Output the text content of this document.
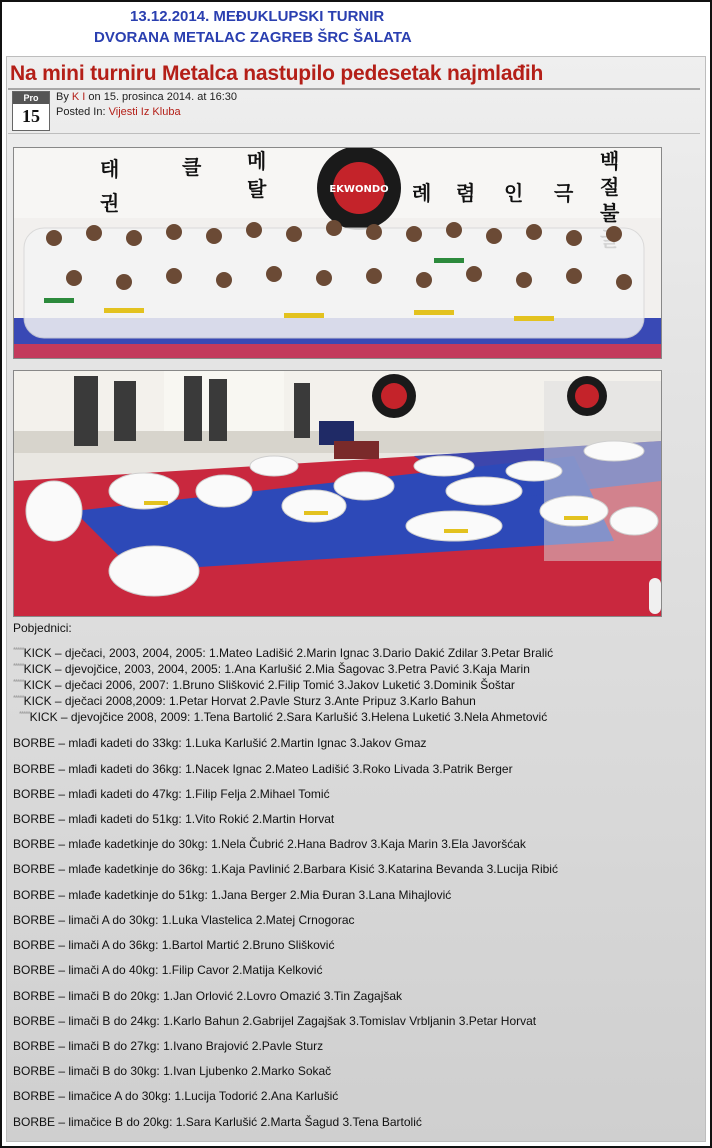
13.12.2014. MEĐUKLUPSKI TURNIR
DVORANA METALAC ZAGREB ŠRC ŠALATA
Na mini turniru Metalca nastupilo pedesetak najmlađih
Pro
15
By K I on 15. prosinca 2014. at 16:30
Posted In: Vijesti Iz Kluba
태
권
클 메
탈	례 렴 인 극
백
절
불
EKWONDO
Pobjednici:
*****KICK – dječaci, 2003, 2004, 2005: 1.Mateo Ladišić 2.Marin Ignac 3.Dario Dakić Zdilar 3.Petar Bralić
*****KICK – djevojčice, 2003, 2004, 2005: 1.Ana Karlušić 2.Mia Šagovac 3.Petra Pavić 3.Kaja Marin
*****KICK – dječaci 2006, 2007: 1.Bruno Slišković 2.Filip Tomić 3.Jakov Luketić 3.Dominik Šoštar
*****KICK – dječaci 2008,2009: 1.Petar Horvat 2.Pavle Sturz 3.Ante Pripuz 3.Karlo Bahun
*****KICK – djevojčice 2008, 2009: 1.Tena Bartolić 2.Sara Karlušić 3.Helena Luketić 3.Nela Ahmetović
BORBE – mlađi kadeti do 33kg: 1.Luka Karlušić 2.Martin Ignac 3.Jakov Gmaz
BORBE – mlađi kadeti do 36kg: 1.Nacek Ignac 2.Mateo Ladišić 3.Roko Livada 3.Patrik Berger
BORBE – mlađi kadeti do 47kg: 1.Filip Felja 2.Mihael Tomić
BORBE – mlađi kadeti do 51kg: 1.Vito Rokić 2.Martin Horvat
BORBE – mlađe kadetkinje do 30kg: 1.Nela Čubrić 2.Hana Badrov 3.Kaja Marin 3.Ela Javoršćak
BORBE – mlađe kadetkinje do 36kg: 1.Kaja Pavlinić 2.Barbara Kisić 3.Katarina Bevanda 3.Lucija Ribić
BORBE – mlađe kadetkinje do 51kg: 1.Jana Berger 2.Mia Đuran 3.Lana Mihajlović
BORBE – limači A do 30kg: 1.Luka Vlastelica 2.Matej Crnogorac
BORBE – limači A do 36kg: 1.Bartol Martić 2.Bruno Slišković
BORBE – limači A do 40kg: 1.Filip Cavor 2.Matija Kelković
BORBE – limači B do 20kg: 1.Jan Orlović 2.Lovro Omazić 3.Tin Zagajšak
BORBE – limači B do 24kg: 1.Karlo Bahun 2.Gabrijel Zagajšak 3.Tomislav Vrbljanin 3.Petar Horvat
BORBE – limači B do 27kg: 1.Ivano Brajović 2.Pavle Sturz
BORBE – limači B do 30kg: 1.Ivan Ljubenko 2.Marko Sokač
BORBE – limačice A do 30kg: 1.Lucija Todorić 2.Ana Karlušić
BORBE – limačice B do 20kg: 1.Sara Karlušić 2.Marta Šagud 3.Tena Bartolić
